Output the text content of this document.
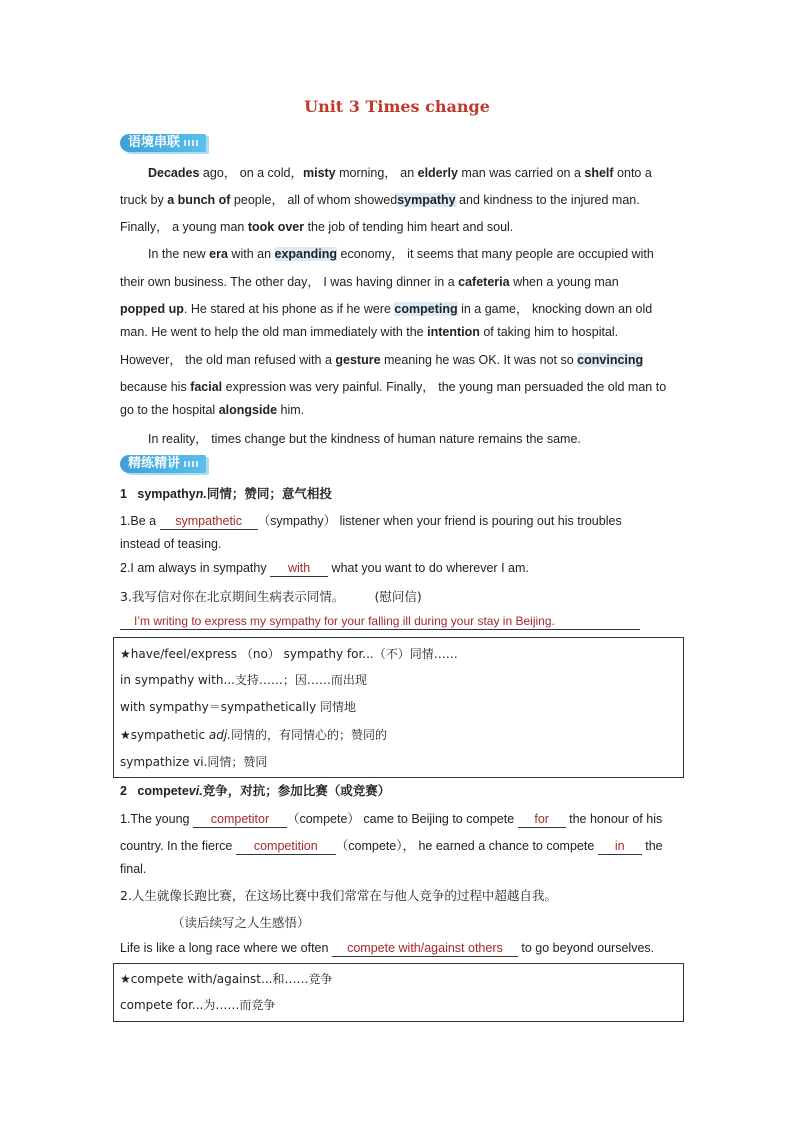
Unit 3 Times change
语境串联
Decades ago， on a cold，misty morning， an elderly man was carried on a shelf onto a
truck by a bunch of people， all of whom showedsympathy and kindness to the injured man.
Finally， a young man took over the job of tending him heart and soul.
In the new era with an expanding economy， it seems that many people are occupied with
their own business. The other day， I was having dinner in a cafeteria when a young man
popped up. He stared at his phone as if he were competing in a game， knocking down an old
man. He went to help the old man immediately with the intention of taking him to hospital.
However， the old man refused with a gesture meaning he was OK. It was not so convincing
because his facial expression was very painful. Finally， the young man persuaded the old man to
go to the hospital alongside him.
In reality， times change but the kindness of human nature remains the same.
精练精讲
1 sympathyn.同情；赞同；意气相投
1.Be a sympathetic （sympathy） listener when your friend is pouring out his troubles
instead of teasing.
2.I am always in sympathy with what you want to do wherever I am.
3.我写信对你在北京期间生病表示同情。 (慰问信)
I’m writing to express my sympathy for your falling ill during your stay in Beijing.
★have/feel/express （no） sympathy for...（不）同情……
in sympathy with...支持……；因……而出现
with sympathy＝sympathetically 同情地
★sympathetic adj.同情的，有同情心的；赞同的
sympathize vi.同情；赞同
2 competevi.竞争，对抗；参加比赛（或竞赛）
1.The young competitor （compete） came to Beijing to compete for the honour of his
country. In the fierce competition （compete）， he earned a chance to compete in the
final.
2.人生就像长跑比赛，在这场比赛中我们常常在与他人竞争的过程中超越自我。
（读后续写之人生感悟）
Life is like a long race where we often compete with/against others to go beyond ourselves.
★compete with/against...和……竞争
compete for...为……而竞争
